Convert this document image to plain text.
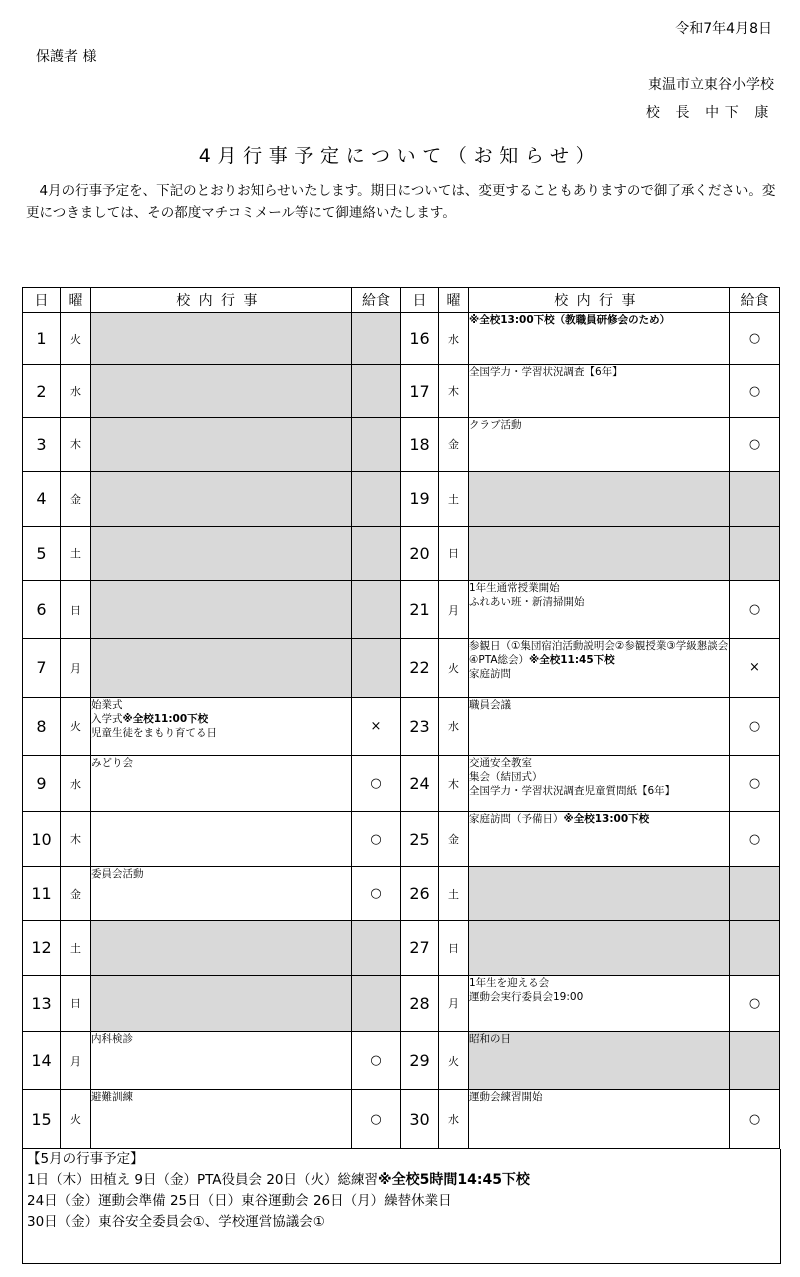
令和7年4月8日
保護者 様
東温市立東谷小学校
校 長 中下 康
4月行事予定について（お知らせ）
4月の行事予定を、下記のとおりお知らせいたします。期日については、変更することもありますので御了承ください。変更につきましては、その都度マチコミメール等にて御連絡いたします。
日	曜	校内行事	給食	日	曜	校内行事	給食
1	火			16	水	※全校13:00下校（教職員研修会のため）	○
2	水			17	木	全国学力・学習状況調査【6年】	○
3	木			18	金	クラブ活動	○
4	金			19	土		
5	土			20	日		
6	日			21	月	1年生通常授業開始
ふれあい班・新清掃開始	○
7	月			22	火	参観日（①集団宿泊活動説明会②参観授業③学級懇談会④PTA総会）※全校11:45下校
家庭訪問	×
8	火	始業式
入学式※全校11:00下校
児童生徒をまもり育てる日	×	23	水	職員会議	○
9	水	みどり会	○	24	木	交通安全教室
集会（結団式）
全国学力・学習状況調査児童質問紙【6年】	○
10	木		○	25	金	家庭訪問（予備日）※全校13:00下校	○
11	金	委員会活動	○	26	土		
12	土			27	日		
13	日			28	月	1年生を迎える会
運動会実行委員会19:00	○
14	月	内科検診	○	29	火	昭和の日	

15	火	避難訓練	○	30	水	運動会練習開始	○
【5月の行事予定】
1日（木）田植え 9日（金）PTA役員会 20日（火）総練習※全校5時間14:45下校
24日（金）運動会準備 25日（日）東谷運動会 26日（月）繰替休業日
30日（金）東谷安全委員会①、学校運営協議会①
